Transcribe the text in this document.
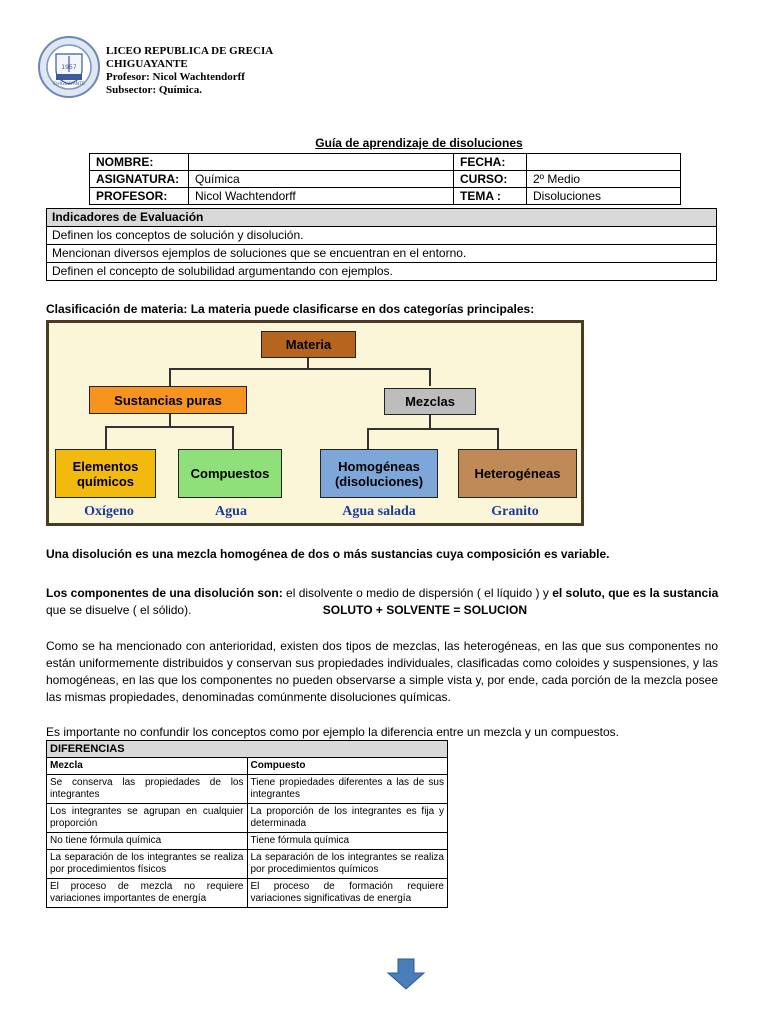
1957
CHIGUAYANTE
LICEO REPUBLICA DE GRECIA
CHIGUAYANTE
Profesor: Nicol Wachtendorff
Subsector: Química.
Guía de aprendizaje de disoluciones
NOMBRE:		FECHA:	
ASIGNATURA:	Química	CURSO:	2º Medio
PROFESOR:	Nicol Wachtendorff	TEMA :	Disoluciones
Indicadores de Evaluación
Definen los conceptos de solución y disolución.
Mencionan diversos ejemplos de soluciones que se encuentran en el entorno.
Definen el concepto de solubilidad argumentando con ejemplos.
Clasificación de materia: La materia puede clasificarse en dos categorías principales:
Materia
Sustancias puras	Mezclas
Elementos químicos	Compuestos	Homogéneas (disoluciones)	Heterogéneas
Oxígeno	Agua	Agua salada	Granito
Una disolución es una mezcla homogénea de dos o más sustancias cuya composición es variable.
Los componentes de una disolución son: el disolvente o medio de dispersión ( el líquido ) y el soluto, que es la sustancia
que se disuelve ( el sólido).	SOLUTO + SOLVENTE = SOLUCION
Como se ha mencionado con anterioridad, existen dos tipos de mezclas, las heterogéneas, en las que sus componentes no están uniformemente distribuidos y conservan sus propiedades individuales, clasificadas como coloides y suspensiones, y las homogéneas, en las que los componentes no pueden observarse a simple vista y, por ende, cada porción de la mezcla posee las mismas propiedades, denominadas comúnmente disoluciones químicas.
Es importante no confundir los conceptos como por ejemplo la diferencia entre un mezcla y un compuestos.
DIFERENCIAS	
Mezcla	Compuesto
Se conserva las propiedades de los integrantes	Tiene propiedades diferentes a las de sus integrantes
Los integrantes se agrupan en cualquier proporción	La proporción de los integrantes es fija y determinada
No tiene fórmula química	Tiene fórmula química
La separación de los integrantes se realiza por procedimientos físicos	La separación de los integrantes se realiza por procedimientos químicos
El proceso de mezcla no requiere variaciones importantes de energía	El proceso de formación requiere variaciones significativas de energía
